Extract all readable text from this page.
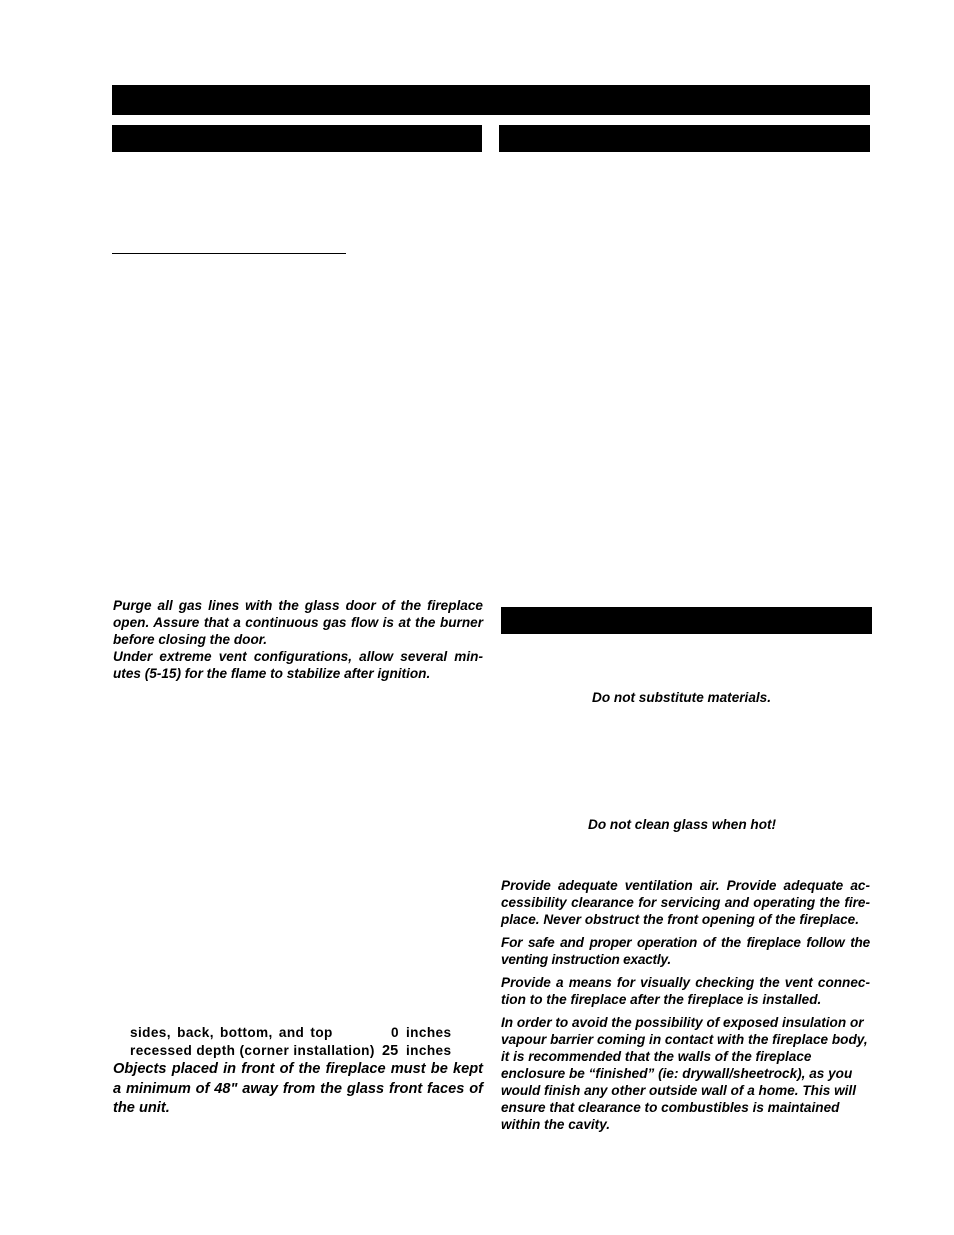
Purge all gas lines with the glass door of the fireplace open. Assure that a continuous gas flow is at the burner before closing the door.

Under extreme vent configurations, allow several min-utes (5-15) for the flame to stabilize after ignition.

sides, back, bottom, and top	0 inches
recessed depth (corner installation) 25 inches

Objects placed in front of the fireplace must be kept a minimum of 48" away from the glass front faces of the unit.

Do not substitute materials.
Do not clean glass when hot!

Provide adequate ventilation air. Provide adequate ac-cessibility clearance for servicing and operating the fire-place. Never obstruct the front opening of the fireplace.

For safe and proper operation of the fireplace follow the venting instruction exactly.

Provide a means for visually checking the vent connec-tion to the fireplace after the fireplace is installed.

In order to avoid the possibility of exposed insulation or vapour barrier coming in contact with the fireplace body, it is recommended that the walls of the fireplace enclosure be “finished” (ie: drywall/sheetrock), as you would finish any other outside wall of a home. This will ensure that clearance to combustibles is maintained within the cavity.
